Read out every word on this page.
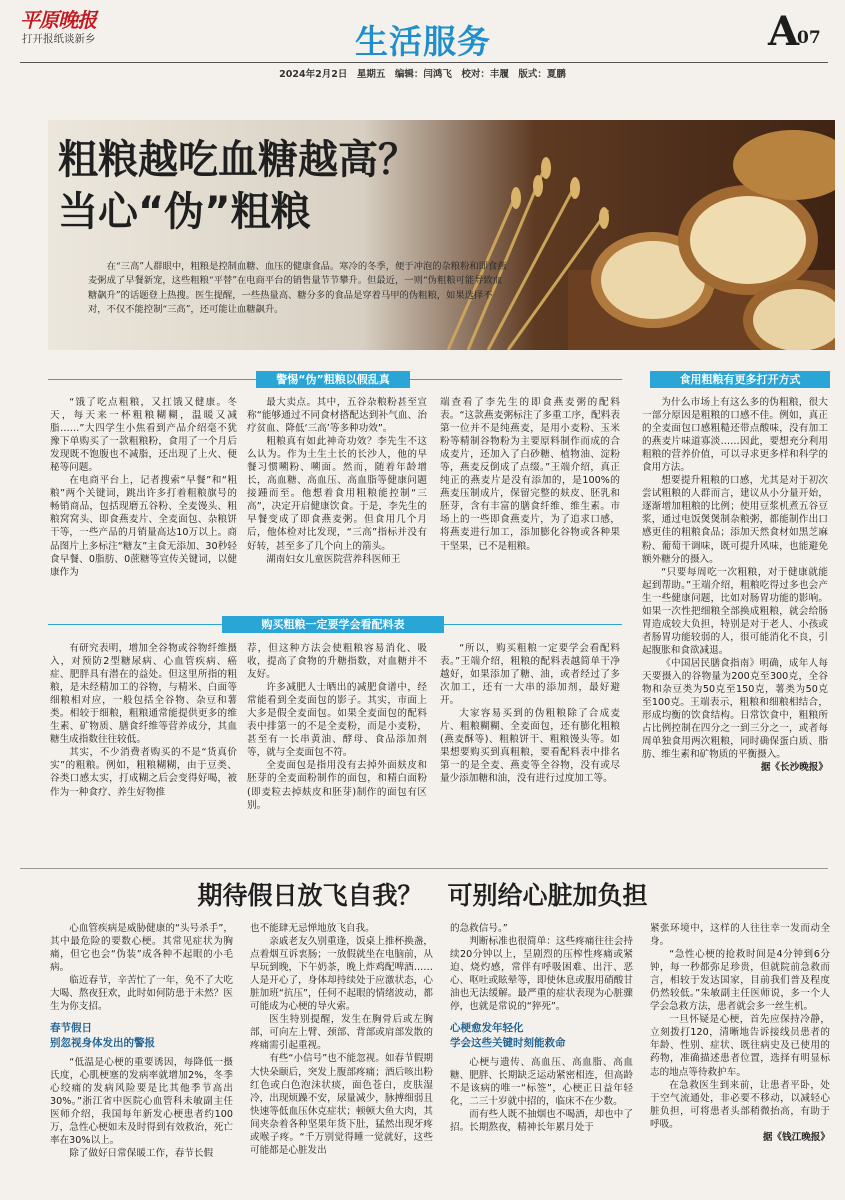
平原晚报
打开报纸谈新乡	生活服务	A
07
2024年2月2日　星期五　编辑：闫鸿飞　校对：丰履　版式：夏鹏
粗粮越吃血糖越高？
当心“伪”粗粮
在“三高”人群眼中，粗粮是控制血糖、血压的健康食品。寒冷的冬季，便于冲泡的杂粮粉和即食燕麦粥成了早餐新宠，这些粗粮“平替”在电商平台的销售量节节攀升。但最近，一则“伪粗粮可能导致血糖飙升”的话题登上热搜。医生提醒，一些热量高、糖分多的食品是穿着马甲的伪粗粮，如果选择不对，不仅不能控制“三高”，还可能让血糖飙升。
警惕“伪”粗粮以假乱真	食用粗粮有更多打开方式

“饿了吃点粗粮，又扛饿又健康。冬天，每天来一杯粗粮糊糊，温暖又减脂……”大四学生小焦看到产品介绍毫不犹豫下单购买了一款粗粮粉，食用了一个月后发现既不饱腹也不减脂，还出现了上火、便秘等问题。

在电商平台上，记者搜索“早餐”和“粗粮”两个关键词，跳出许多打着粗粮旗号的畅销商品，包括现磨五谷粉、全麦馒头、粗粮窝窝头、即食燕麦片、全麦面包、杂粮饼干等，一些产品的月销量高达10万以上。商品图片上多标注“糖友”主食无添加、30秒轻食早餐、0脂肪、0蔗糖等宣传关键词，以健康作为

最大卖点。其中，五谷杂粮粉甚至宣称“能够通过不同食材搭配达到补气血、治疗贫血、降低‘三高’等多种功效”。

粗粮真有如此神奇功效？李先生不这么认为。作为土生土长的长沙人，他的早餐习惯嗍粉、嗍面。然而，随着年龄增长，高血糖、高血压、高血脂等健康问题接踵而至。他想着食用粗粮能控制“三高”，决定开启健康饮食。于是，李先生的早餐变成了即食燕麦粥。但食用几个月后，他体检对比发现，“三高”指标并没有好转，甚至多了几个向上的箭头。

湖南妇女儿童医院营养科医师王

端查看了李先生的即食燕麦粥的配料表。“这款燕麦粥标注了多重工序，配料表第一位并不是纯燕麦，是用小麦粉、玉米粉等精制谷物粉为主要原料制作而成的合成麦片，还加入了白砂糖、植物油、淀粉等，燕麦反倒成了点缀。”王端介绍，真正纯正的燕麦片是没有添加的，是100%的燕麦压制成片，保留完整的麸皮、胚乳和胚芽，含有丰富的膳食纤维、维生素。市场上的一些即食燕麦片，为了追求口感，将燕麦进行加工，添加膨化谷物或各种果干坚果，已不是粗粮。

为什么市场上有这么多的伪粗粮，很大一部分原因是粗粮的口感不佳。例如，真正的全麦面包口感粗糙还带点酸味，没有加工的燕麦片味道寡淡……因此，要想充分利用粗粮的营养价值，可以寻求更多样和科学的食用方法。

想要提升粗粮的口感，尤其是对于初次尝试粗粮的人群而言，建议从小分量开始，逐渐增加粗粮的比例；使用豆浆机煮五谷豆浆，通过电饭煲煲制杂粮粥，都能制作出口感更佳的粗粮食品；添加天然食材如黑芝麻粉、葡萄干调味，既可提升风味，也能避免额外糖分的摄入。

“只要每周吃一次粗粮，对于健康就能起到帮助。”王端介绍，粗粮吃得过多也会产生一些健康问题，比如对肠胃功能的影响。如果一次性把细粮全部换成粗粮，就会给肠胃造成较大负担，特别是对于老人、小孩或者肠胃功能较弱的人，很可能消化不良，引起腹胀和食欲减退。

《中国居民膳食指南》明确，成年人每天要摄入的谷物量为200克至300克，全谷物和杂豆类为50克至150克，薯类为50克至100克。王端表示，粗粮和细粮相结合，形成均衡的饮食结构。日常饮食中，粗粮所占比例控制在四分之一到三分之一，或者每周单独食用两次粗粮，同时确保蛋白质、脂肪、维生素和矿物质的平衡摄入。

据《长沙晚报》

购买粗粮一定要学会看配料表

有研究表明，增加全谷物或谷物纤维摄入，对预防2型糖尿病、心血管疾病、癌症、肥胖具有潜在的益处。但这里所指的粗粮，是未经精加工的谷物，与精米、白面等细粮相对应，一般包括全谷物、杂豆和薯类。相较于细粮，粗粮通常能提供更多的维生素、矿物质、膳食纤维等营养成分，其血糖生成指数往往较低。

其实，不少消费者购买的不是“货真价实”的粗粮。例如，粗粮糊糊，由于豆类、谷类口感太实，打成糊之后会变得好喝，被作为一种食疗、养生好物推

荐，但这种方法会使粗粮容易消化、吸收，提高了食物的升糖指数，对血糖并不友好。

许多减肥人士晒出的减肥食谱中，经常能看到全麦面包的影子。其实，市面上大多是假全麦面包。如果全麦面包的配料表中排第一的不是全麦粉，而是小麦粉，甚至有一长串黄油、酵母、食品添加剂等，就与全麦面包不符。

全麦面包是指用没有去掉外面麸皮和胚芽的全麦面粉制作的面包，和精白面粉(即麦粒去掉麸皮和胚芽)制作的面包有区别。

“所以，购买粗粮一定要学会看配料表。”王端介绍，粗粮的配料表越简单干净越好，如果添加了糖、油，或者经过了多次加工，还有一大串的添加剂，最好避开。

大家容易买到的伪粗粮除了合成麦片、粗粮糊糊、全麦面包，还有膨化粗粮(燕麦酥等)、粗粮饼干、粗粮馒头等。如果想要购买到真粗粮，要看配料表中排名第一的是全麦、燕麦等全谷物，没有或尽量少添加糖和油，没有进行过度加工等。

期待假日放飞自我？　可别给心脏加负担

心血管疾病是威胁健康的“头号杀手”，其中最危险的要数心梗。其常见症状为胸痛，但它也会“伪装”成各种不起眼的小毛病。

临近春节，辛苦忙了一年，免不了大吃大喝、熬夜狂欢，此时如何防患于未然？医生为你支招。

春节假日
别忽视身体发出的警报

“低温是心梗的重要诱因，每降低一摄氏度，心肌梗塞的发病率就增加2%，冬季心绞痛的发病风险要是比其他季节高出30%。”浙江省中医院心血管科未敏副主任医师介绍，我国每年新发心梗患者约100万，急性心梗如未及时得到有效救治，死亡率在30%以上。

除了做好日常保暖工作，春节长假

也不能肆无忌惮地放飞自我。

亲戚老友久别重逢，饭桌上推杯换盏，点着烟互诉衷肠；一放假就坐在电脑前，从早玩到晚，下午奶茶，晚上炸鸡配啤酒……人是开心了，身体却持续处于应激状态，心脏加班“抗压”，任何不起眼的情绪波动，都可能成为心梗的导火索。

医生特别提醒，发生在胸骨后或左胸部，可向左上臂、颈部、背部或肩部发散的疼痛需引起重视。

有些“小信号”也不能忽视。如春节假期大快朵颐后，突发上腹部疼痛；酒后咳出粉红色或白色泡沫状痰，面色苍白，皮肤湿冷，出现烦躁不安，尿量减少，脉搏细弱且快速等低血压休克症状；顿顿大鱼大肉，其间夹杂着各种坚果年货下肚，猛然出现牙疼或喉子疼。“千万别觉得睡一觉就好，这些可能都是心脏发出

的急救信号。”

判断标准也很简单：这些疼痛往往会持续20分钟以上，呈剧烈的压榨性疼痛或紧迫、烧灼感，常伴有呼吸困难、出汗、恶心、呕吐或眩晕等，即使休息或服用硝酸甘油也无法缓解。最严重的症状表现为心脏骤停，也就是常说的“猝死”。

心梗愈发年轻化
学会这些关键时刻能救命

心梗与遗传、高血压、高血脂、高血糖、肥胖、长期缺乏运动紧密相连，但高龄不是该病的唯一“标签”，心梗正日益年轻化，二三十岁就中招的，临床不在少数。

而有些人既不抽烟也不喝酒，却也中了招。长期熬夜，精神长年累月处于

紧张环境中，这样的人往往幸一发而动全身。

“急性心梗的抢救时间是4分钟到6分钟，每一秒都弥足珍贵，但就院前急救而言，相较于发达国家，目前我们普及程度仍然较低。”朱敏副主任医师说，多一个人学会急救方法，患者就会多一丝生机。

一旦怀疑是心梗，首先应保持冷静，立刻拨打120，清晰地告诉接线员患者的年龄、性别、症状、既往病史及已使用的药物，准确描述患者位置，选择有明显标志的地点等待救护车。

在急救医生到来前，让患者平卧，处于空气流通处，非必要不移动，以减轻心脏负担，可将患者头部稍微抬高，有助于呼吸。

据《钱江晚报》
